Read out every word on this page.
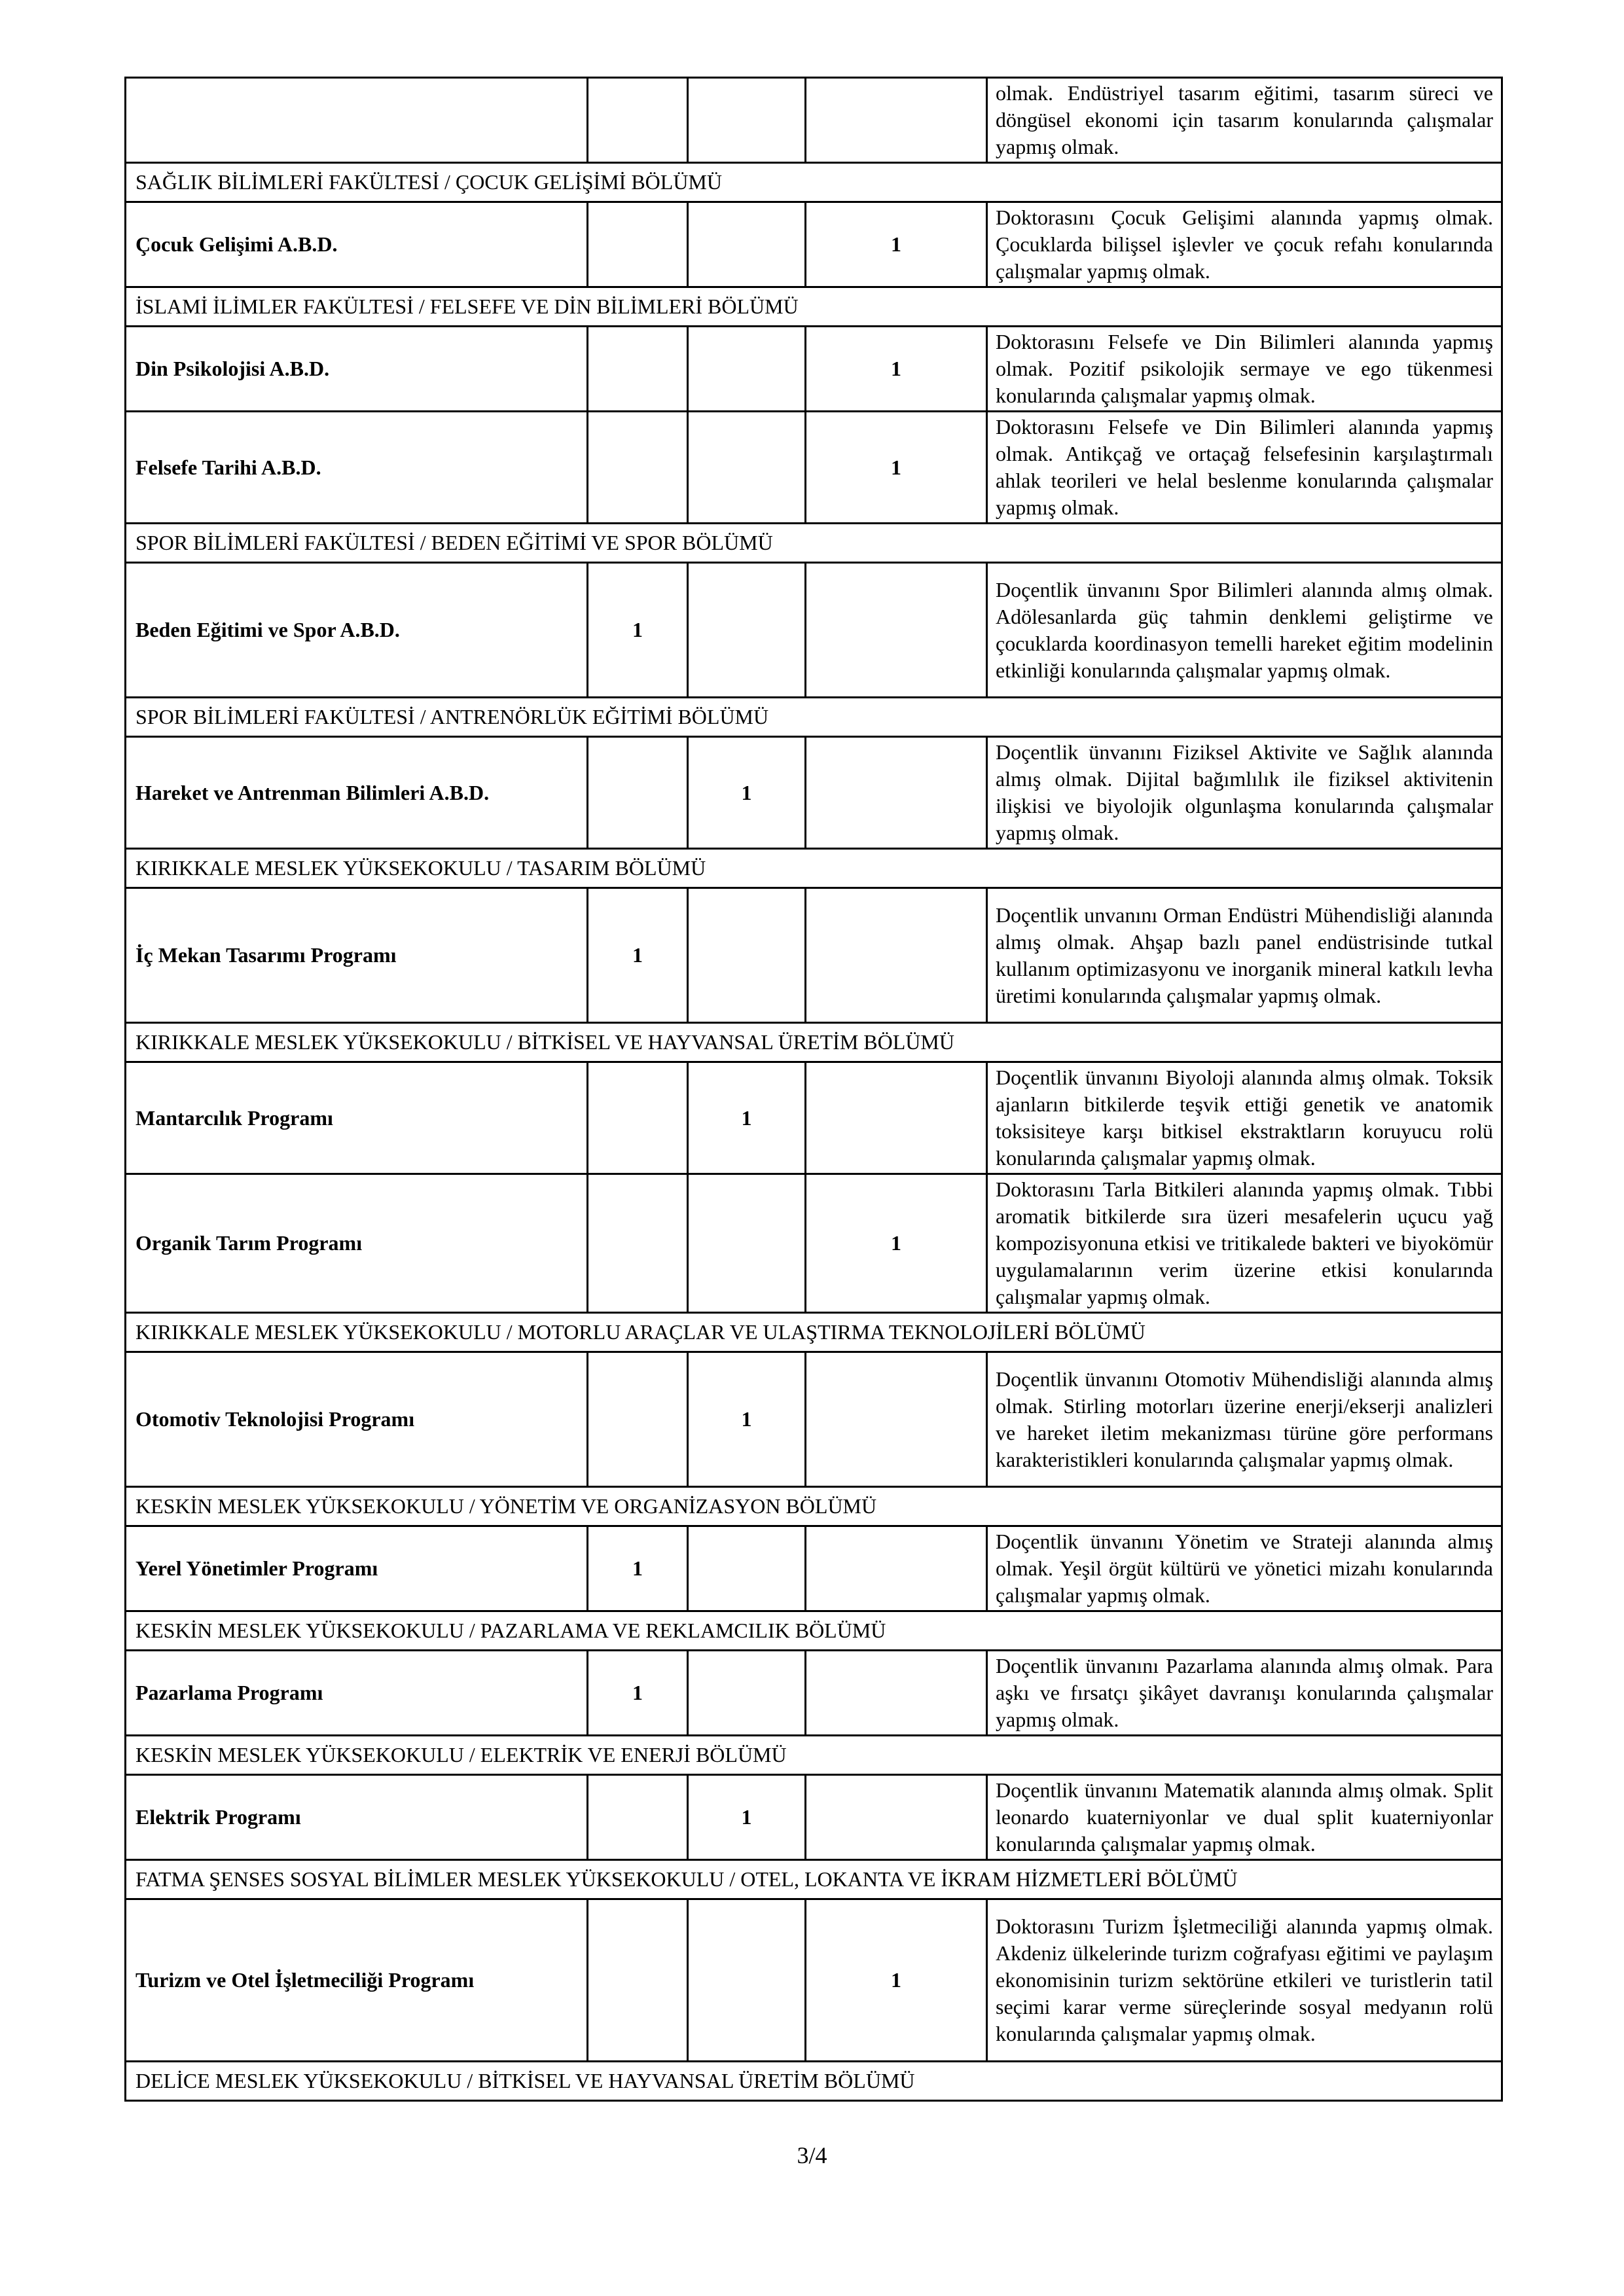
				olmak. Endüstriyel tasarım eğitimi, tasarım süreci ve döngüsel ekonomi için tasarım konularında çalışmalar yapmış olmak.
SAĞLIK BİLİMLERİ FAKÜLTESİ / ÇOCUK GELİŞİMİ BÖLÜMÜ				
Çocuk Gelişimi A.B.D.			1	Doktorasını Çocuk Gelişimi alanında yapmış olmak. Çocuklarda bilişsel işlevler ve çocuk refahı konularında çalışmalar yapmış olmak.
İSLAMİ İLİMLER FAKÜLTESİ / FELSEFE VE DİN BİLİMLERİ BÖLÜMÜ				
Din Psikolojisi A.B.D.			1	Doktorasını Felsefe ve Din Bilimleri alanında yapmış olmak. Pozitif psikolojik sermaye ve ego tükenmesi konularında çalışmalar yapmış olmak.
Felsefe Tarihi A.B.D.			1	Doktorasını Felsefe ve Din Bilimleri alanında yapmış olmak. Antikçağ ve ortaçağ felsefesinin karşılaştırmalı ahlak teorileri ve helal beslenme konularında çalışmalar yapmış olmak.
SPOR BİLİMLERİ FAKÜLTESİ / BEDEN EĞİTİMİ VE SPOR BÖLÜMÜ				
Beden Eğitimi ve Spor A.B.D.	1			Doçentlik ünvanını Spor Bilimleri alanında almış olmak. Adölesanlarda güç tahmin denklemi geliştirme ve çocuklarda koordinasyon temelli hareket eğitim modelinin etkinliği konularında çalışmalar yapmış olmak.
SPOR BİLİMLERİ FAKÜLTESİ / ANTRENÖRLÜK EĞİTİMİ BÖLÜMÜ				
Hareket ve Antrenman Bilimleri A.B.D.		1		Doçentlik ünvanını Fiziksel Aktivite ve Sağlık alanında almış olmak. Dijital bağımlılık ile fiziksel aktivitenin ilişkisi ve biyolojik olgunlaşma konularında çalışmalar yapmış olmak.
KIRIKKALE MESLEK YÜKSEKOKULU / TASARIM BÖLÜMÜ				
İç Mekan Tasarımı Programı	1			Doçentlik unvanını Orman Endüstri Mühendisliği alanında almış olmak. Ahşap bazlı panel endüstrisinde tutkal kullanım optimizasyonu ve inorganik mineral katkılı levha üretimi konularında çalışmalar yapmış olmak.
KIRIKKALE MESLEK YÜKSEKOKULU / BİTKİSEL VE HAYVANSAL ÜRETİM BÖLÜMÜ				
Mantarcılık Programı		1		Doçentlik ünvanını Biyoloji alanında almış olmak. Toksik ajanların bitkilerde teşvik ettiği genetik ve anatomik toksisiteye karşı bitkisel ekstraktların koruyucu rolü konularında çalışmalar yapmış olmak.
Organik Tarım Programı			1	Doktorasını Tarla Bitkileri alanında yapmış olmak. Tıbbi aromatik bitkilerde sıra üzeri mesafelerin uçucu yağ kompozisyonuna etkisi ve tritikalede bakteri ve biyokömür uygulamalarının verim üzerine etkisi konularında çalışmalar yapmış olmak.
KIRIKKALE MESLEK YÜKSEKOKULU / MOTORLU ARAÇLAR VE ULAŞTIRMA TEKNOLOJİLERİ BÖLÜMÜ				
Otomotiv Teknolojisi Programı		1		Doçentlik ünvanını Otomotiv Mühendisliği alanında almış olmak. Stirling motorları üzerine enerji/ekserji analizleri ve hareket iletim mekanizması türüne göre performans karakteristikleri konularında çalışmalar yapmış olmak.
KESKİN MESLEK YÜKSEKOKULU / YÖNETİM VE ORGANİZASYON BÖLÜMÜ				
Yerel Yönetimler Programı	1			Doçentlik ünvanını Yönetim ve Strateji alanında almış olmak. Yeşil örgüt kültürü ve yönetici mizahı konularında çalışmalar yapmış olmak.
KESKİN MESLEK YÜKSEKOKULU / PAZARLAMA VE REKLAMCILIK BÖLÜMÜ				
Pazarlama Programı	1			Doçentlik ünvanını Pazarlama alanında almış olmak. Para aşkı ve fırsatçı şikâyet davranışı konularında çalışmalar yapmış olmak.
KESKİN MESLEK YÜKSEKOKULU / ELEKTRİK VE ENERJİ BÖLÜMÜ				
Elektrik Programı		1		Doçentlik ünvanını Matematik alanında almış olmak. Split leonardo kuaterniyonlar ve dual split kuaterniyonlar konularında çalışmalar yapmış olmak.
FATMA ŞENSES SOSYAL BİLİMLER MESLEK YÜKSEKOKULU / OTEL, LOKANTA VE İKRAM HİZMETLERİ BÖLÜMÜ				
Turizm ve Otel İşletmeciliği Programı			1	Doktorasını Turizm İşletmeciliği alanında yapmış olmak. Akdeniz ülkelerinde turizm coğrafyası eğitimi ve paylaşım ekonomisinin turizm sektörüne etkileri ve turistlerin tatil seçimi karar verme süreçlerinde sosyal medyanın rolü konularında çalışmalar yapmış olmak.
DELİCE MESLEK YÜKSEKOKULU / BİTKİSEL VE HAYVANSAL ÜRETİM BÖLÜMÜ				
3/4
